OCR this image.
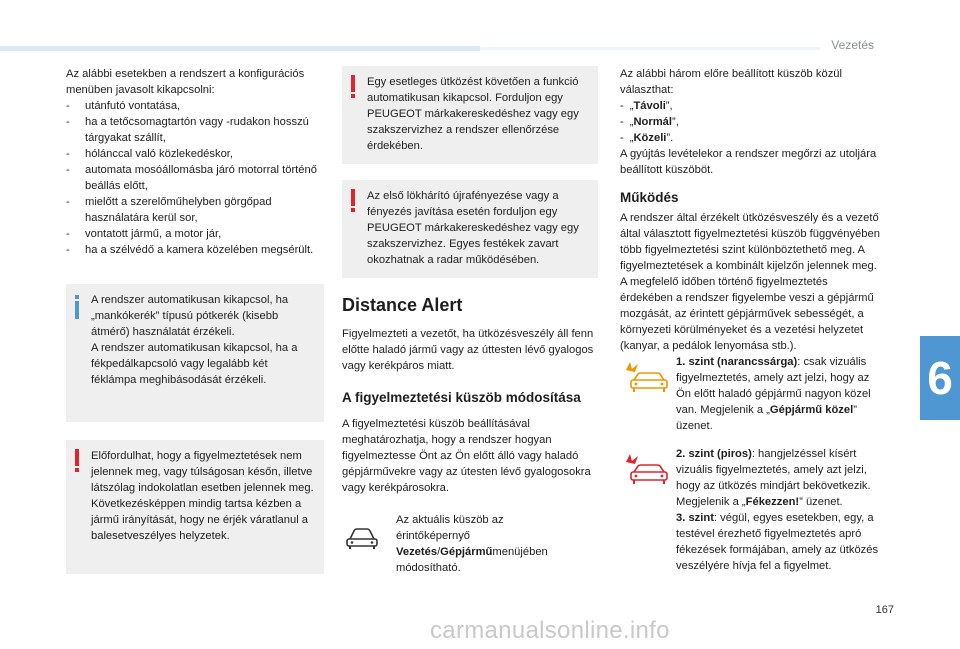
Vezetés
6

Az alábbi esetekben a rendszert a konfigurációs menüben javasolt kikapcsolni:

- utánfutó vontatása,
- ha a tetőcsomagtartón vagy -rudakon hosszú tárgyakat szállít,
- hólánccal való közlekedéskor,
- automata mosóállomásba járó motorral történő beállás előtt,
- mielőtt a szerelőműhelyben görgőpad használatára kerül sor,
- vontatott jármű, a motor jár,
- ha a szélvédő a kamera közelében megsérült.

A rendszer automatikusan kikapcsol, ha „mankókerék” típusú pótkerék (kisebb átmérő) használatát érzékeli.

A rendszer automatikusan kikapcsol, ha a fékpedálkapcsoló vagy legalább két féklámpa meghibásodását érzékeli.

Előfordulhat, hogy a figyelmeztetések nem jelennek meg, vagy túlságosan későn, illetve látszólag indokolatlan esetben jelennek meg.

Következésképpen mindig tartsa kézben a jármű irányítását, hogy ne érjék váratlanul a balesetveszélyes helyzetek.

Egy esetleges ütközést követően a funkció automatikusan kikapcsol. Forduljon egy PEUGEOT márkakereskedéshez vagy egy szakszervizhez a rendszer ellenőrzése érdekében.

Az első lökhárító újrafényezése vagy a fényezés javítása esetén forduljon egy PEUGEOT márkakereskedéshez vagy egy szakszervizhez. Egyes festékek zavart okozhatnak a radar működésében.

Distance Alert

Figyelmezteti a vezetőt, ha ütközésveszély áll fenn előtte haladó jármű vagy az úttesten lévő gyalogos vagy kerékpáros miatt.

A figyelmeztetési küszöb módosítása

A figyelmeztetési küszöb beállításával meghatározhatja, hogy a rendszer hogyan figyelmeztesse Önt az Ön előtt álló vagy haladó gépjárművekre vagy az útesten lévő gyalogosokra vagy kerékpárosokra.

Az aktuális küszöb az érintőképernyő Vezetés/Gépjárműmenüjében módosítható.

Az alábbi három előre beállított küszöb közül választhat:

- „Távoli”,
- „Normál”,
- „Közeli”.

A gyújtás levételekor a rendszer megőrzi az utoljára beállított küszöböt.

Működés

A rendszer által érzékelt ütközésveszély és a vezető által választott figyelmeztetési küszöb függvényében több figyelmeztetési szint különböztethető meg. A figyelmeztetések a kombinált kijelzőn jelennek meg.

A megfelelő időben történő figyelmeztetés érdekében a rendszer figyelembe veszi a gépjármű mozgását, az érintett gépjárművek sebességét, a környezeti körülményeket és a vezetési helyzetet (kanyar, a pedálok lenyomása stb.).

1. szint (narancssárga): csak vizuális figyelmeztetés, amely azt jelzi, hogy az Ön előtt haladó gépjármű nagyon közel van. Megjelenik a „Gépjármű közel” üzenet.
2. szint (piros): hangjelzéssel kísért vizuális figyelmeztetés, amely azt jelzi, hogy az ütközés mindjárt bekövetkezik. Megjelenik a „Fékezzen!” üzenet.
3. szint: végül, egyes esetekben, egy, a testével érezhető figyelmeztetés apró fékezések formájában, amely az ütközés veszélyére hívja fel a figyelmet.
167
carmanualsonline.info
